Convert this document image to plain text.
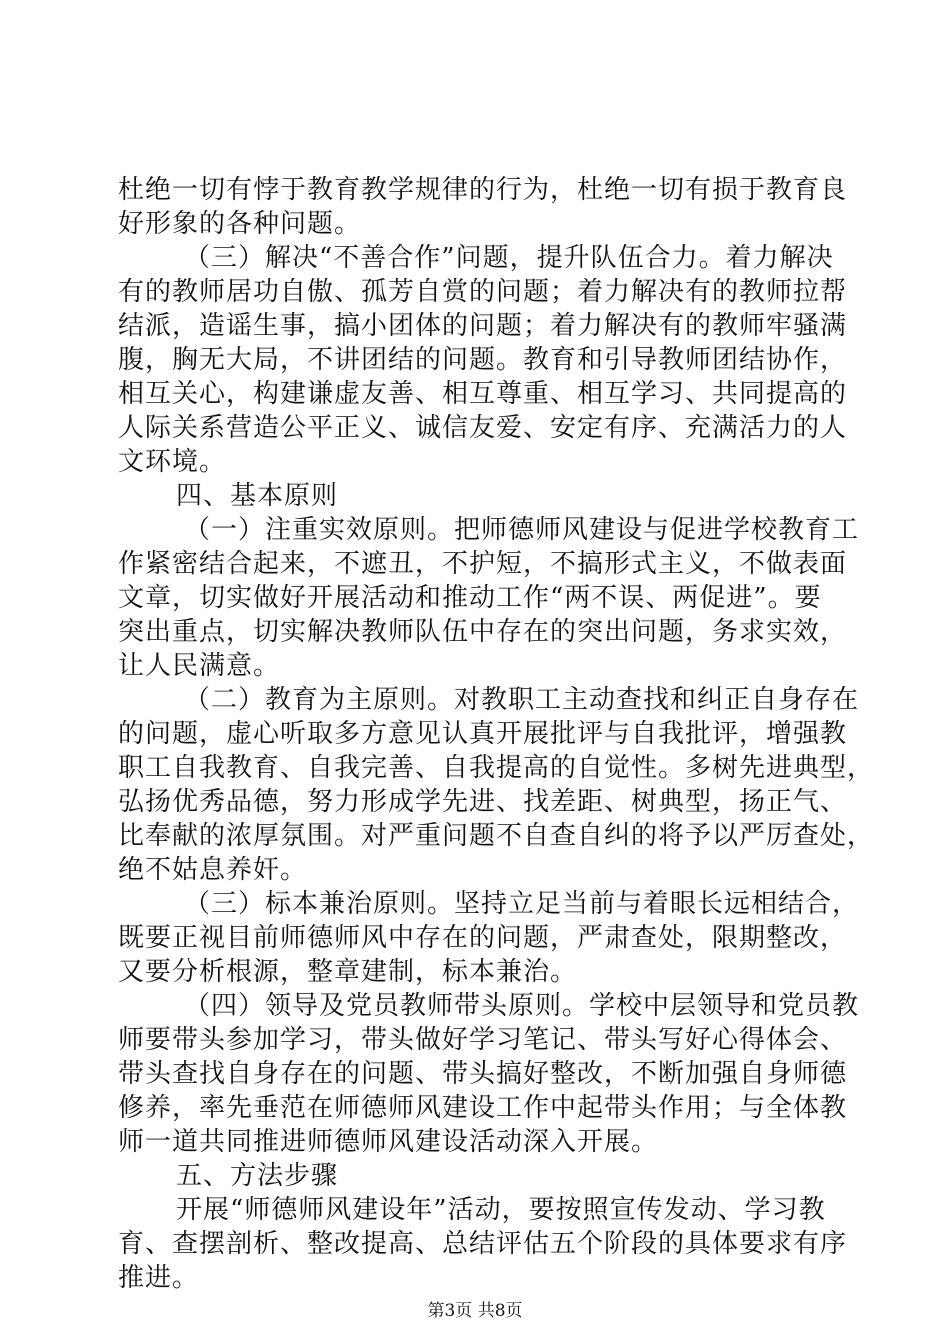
杜绝一切有悖于教育教学规律的行为，杜绝一切有损于教育良
好形象的各种问题。
（三）解决“不善合作”问题，提升队伍合力。着力解决
有的教师居功自傲、孤芳自赏的问题；着力解决有的教师拉帮
结派，造谣生事，搞小团体的问题；着力解决有的教师牢骚满
腹，胸无大局，不讲团结的问题。教育和引导教师团结协作，
相互关心，构建谦虚友善、相互尊重、相互学习、共同提高的
人际关系营造公平正义、诚信友爱、安定有序、充满活力的人
文环境。
四、基本原则
（一）注重实效原则。把师德师风建设与促进学校教育工
作紧密结合起来，不遮丑，不护短，不搞形式主义，不做表面
文章，切实做好开展活动和推动工作“两不误、两促进”。要
突出重点，切实解决教师队伍中存在的突出问题，务求实效，
让人民满意。
（二）教育为主原则。对教职工主动查找和纠正自身存在
的问题，虚心听取多方意见认真开展批评与自我批评，增强教
职工自我教育、自我完善、自我提高的自觉性。多树先进典型，
弘扬优秀品德，努力形成学先进、找差距、树典型，扬正气、
比奉献的浓厚氛围。对严重问题不自查自纠的将予以严厉查处，
绝不姑息养奸。
（三）标本兼治原则。坚持立足当前与着眼长远相结合，
既要正视目前师德师风中存在的问题，严肃查处，限期整改，
又要分析根源，整章建制，标本兼治。
（四）领导及党员教师带头原则。学校中层领导和党员教
师要带头参加学习，带头做好学习笔记、带头写好心得体会、
带头查找自身存在的问题、带头搞好整改，不断加强自身师德
修养，率先垂范在师德师风建设工作中起带头作用；与全体教
师一道共同推进师德师风建设活动深入开展。
五、方法步骤
开展“师德师风建设年”活动，要按照宣传发动、学习教
育、查摆剖析、整改提高、总结评估五个阶段的具体要求有序
推进。
第3页 共8页
